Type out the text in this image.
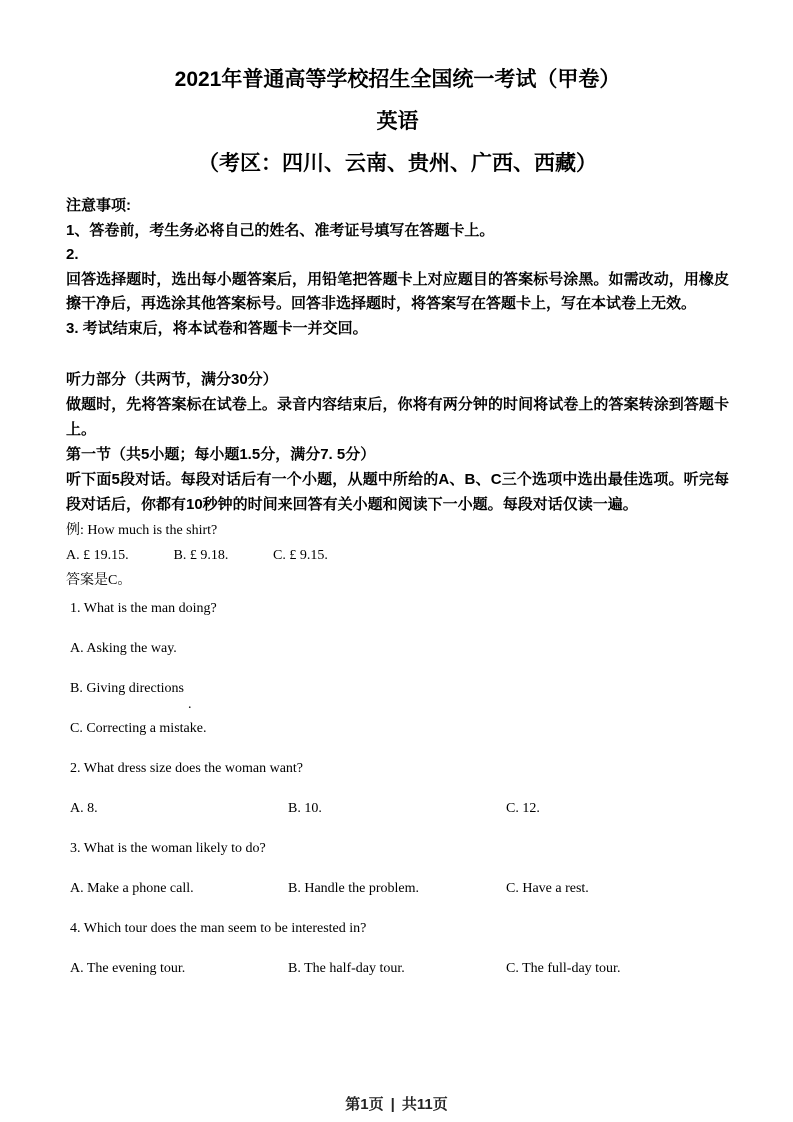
2021年普通高等学校招生全国统一考试（甲卷）

英语

（考区：四川、云南、贵州、广西、西藏）

注意事项:

1、答卷前，考生务必将自己的姓名、准考证号填写在答题卡上。

2.

回答选择题时，选出每小题答案后，用铅笔把答题卡上对应题目的答案标号涂黑。如需改动，用橡皮擦干净后，再选涂其他答案标号。回答非选择题时，将答案写在答题卡上，写在本试卷上无效。

3. 考试结束后，将本试卷和答题卡一并交回。

听力部分（共两节，满分30分）

做题时，先将答案标在试卷上。录音内容结束后，你将有两分钟的时间将试卷上的答案转涂到答题卡上。

第一节（共5小题；每小题1.5分，满分7. 5分）

听下面5段对话。每段对话后有一个小题，从题中所给的A、B、C三个选项中选出最佳选项。听完每段对话后，你都有10秒钟的时间来回答有关小题和阅读下一小题。每段对话仅读一遍。

例: How much is the shirt?

A. £ 19.15.	B. £ 9.18.	C. £ 9.15.

答案是C。

1. What is the man doing?

A. Asking the way.

B. Giving directions
.

C. Correcting a mistake.

2. What dress size does the woman want?

A. 8.	B. 10.	C. 12.

3. What is the woman likely to do?

A. Make a phone call.	B. Handle the problem.	C. Have a rest.

4. Which tour does the man seem to be interested in?

A. The evening tour.	B. The half-day tour.	C. The full-day tour.
第1页 | 共11页
